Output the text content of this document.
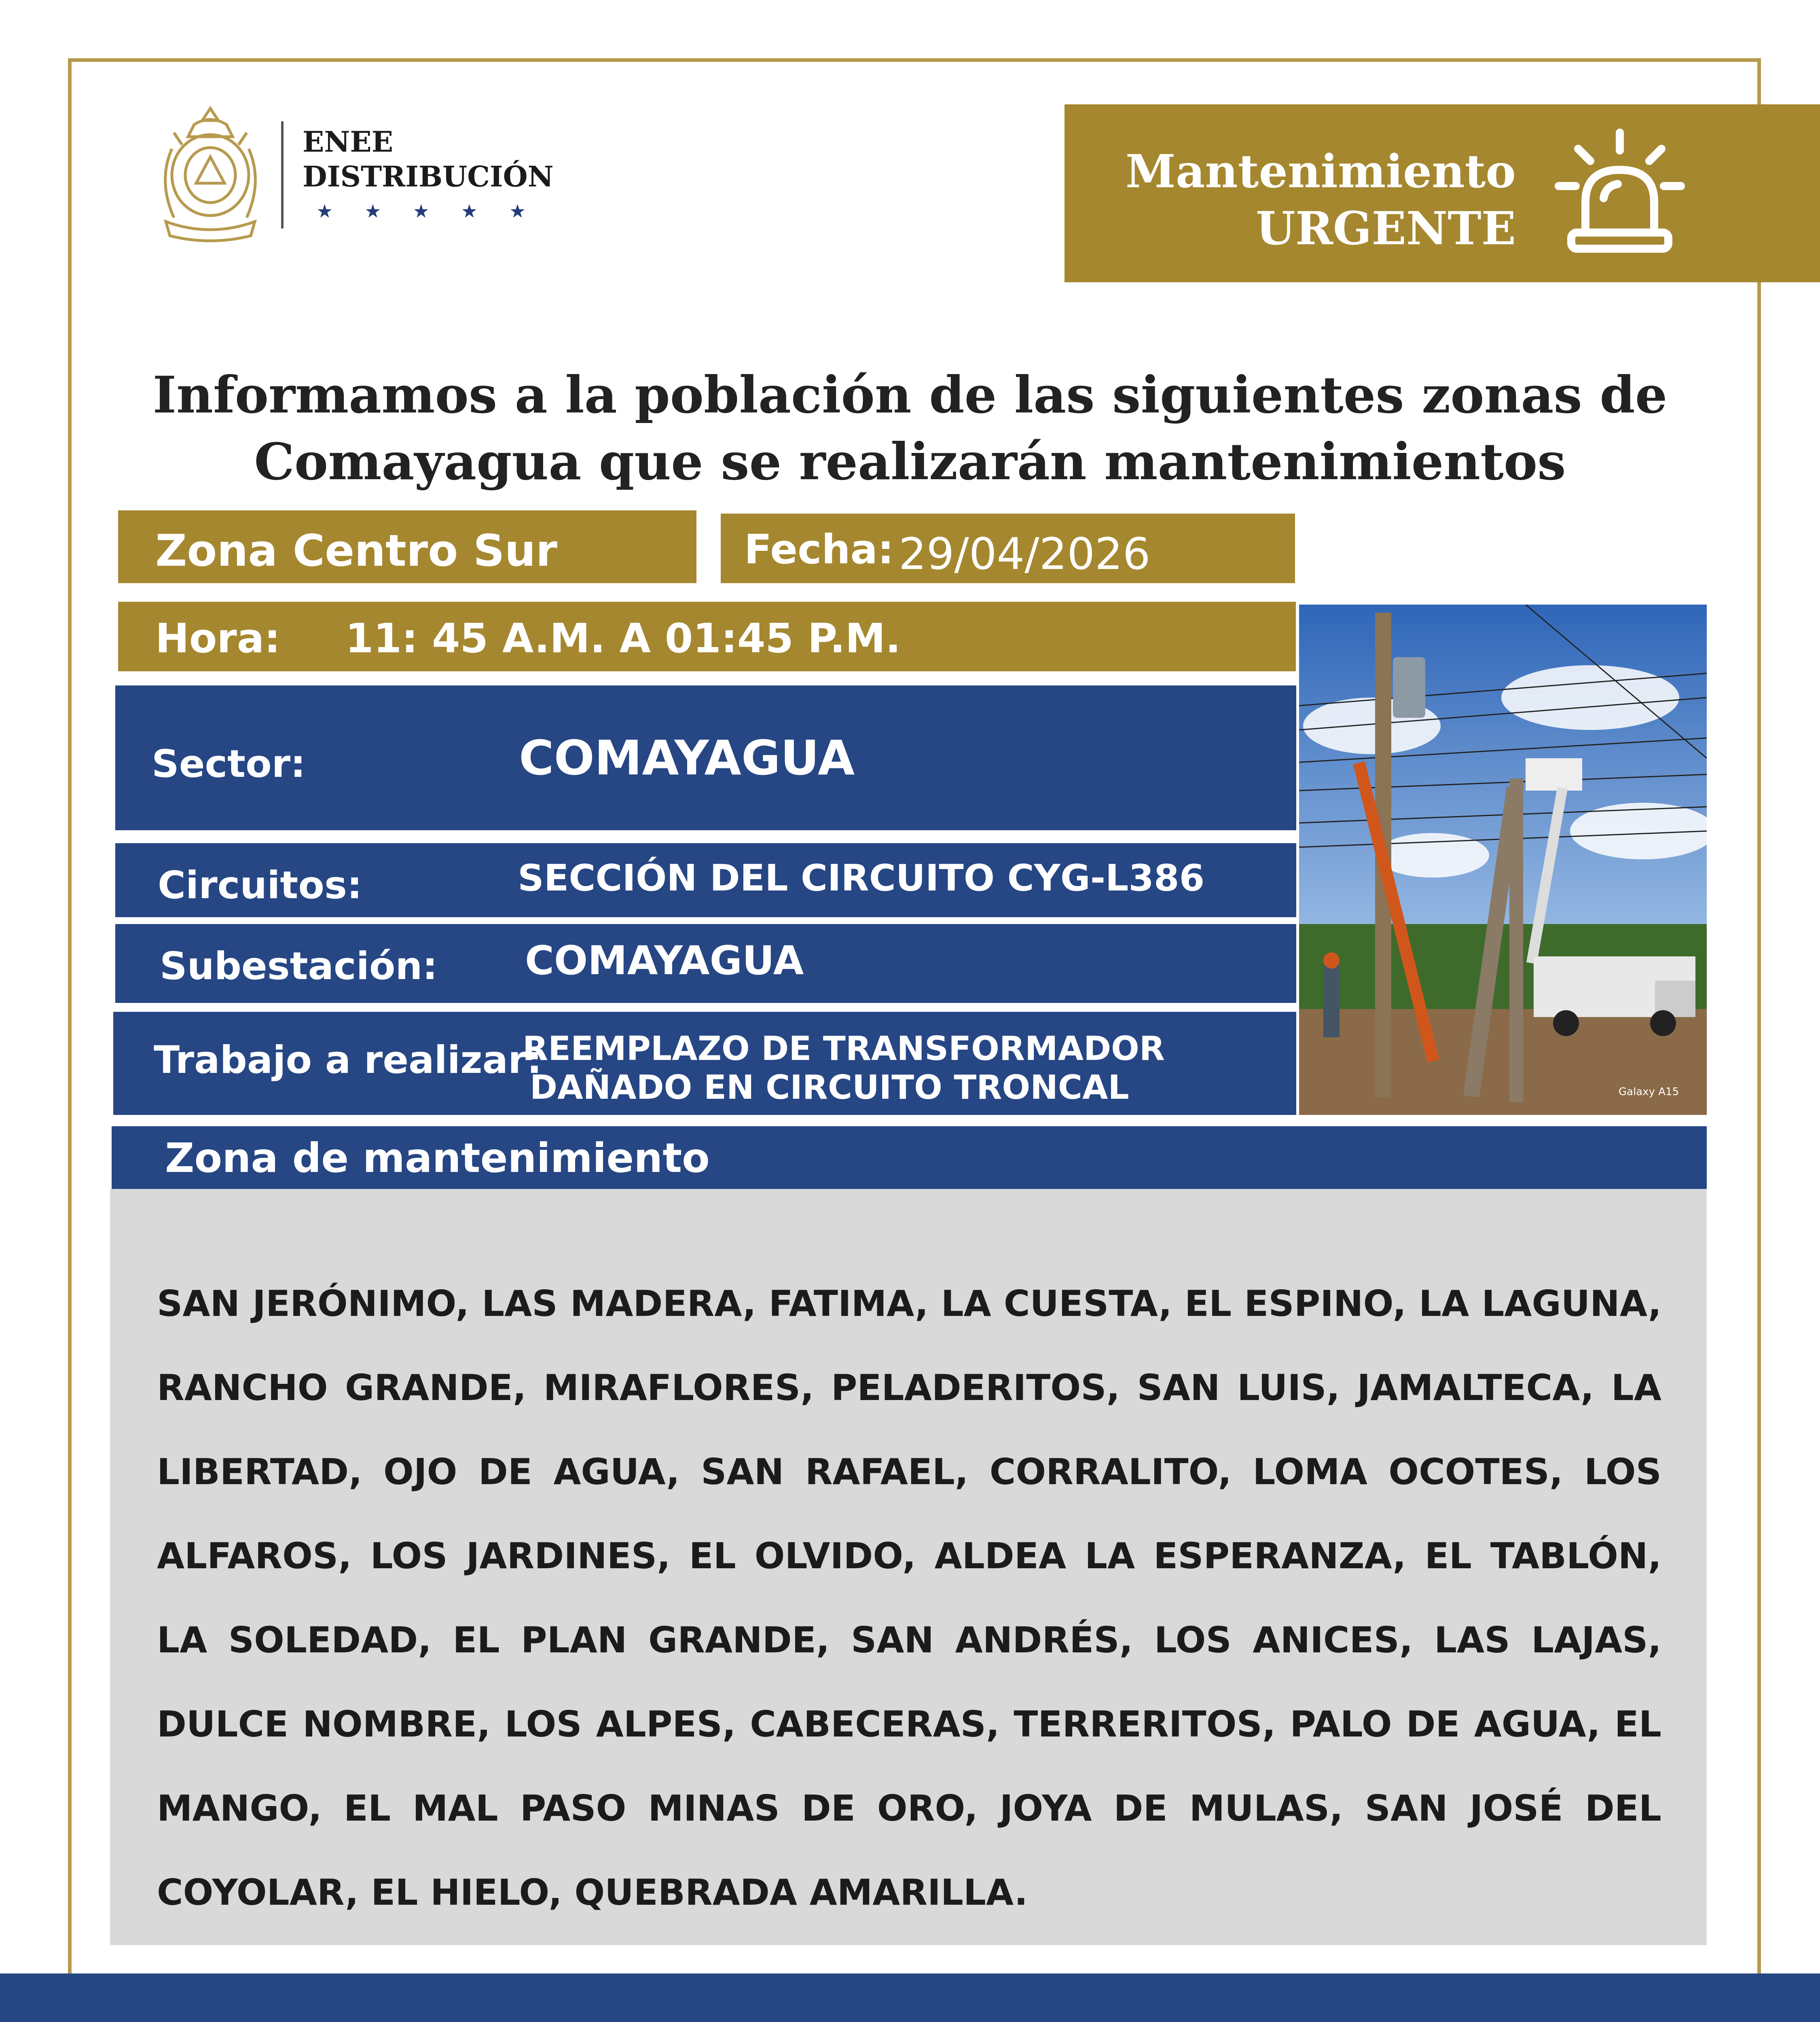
ENEE
DISTRIBUCIÓN
★★★★★
Mantenimiento
URGENTE
Informamos a la población de las siguientes zonas de
Comayagua que se realizarán mantenimientos
Zona Centro Sur	Fecha: 29/04/2026
Hora: 11: 45 A.M. A 01:45 P.M.
Sector:	COMAYAGUA
Circuitos:	SECCIÓN DEL CIRCUITO CYG-L386
Subestación: COMAYAGUA
Trabajo a realizar:
REEMPLAZO DE TRANSFORMADOR
DAÑADO EN CIRCUITO TRONCAL	Galaxy A15
Zona de mantenimiento
SAN JERÓNIMO, LAS MADERA, FATIMA, LA CUESTA, EL ESPINO, LA LAGUNA, RANCHO GRANDE, MIRAFLORES, PELADERITOS, SAN LUIS, JAMALTECA, LA LIBERTAD, OJO DE AGUA, SAN RAFAEL, CORRALITO, LOMA OCOTES, LOS ALFAROS, LOS JARDINES, EL OLVIDO, ALDEA LA ESPERANZA, EL TABLÓN, LA SOLEDAD, EL PLAN GRANDE, SAN ANDRÉS, LOS ANICES, LAS LAJAS, DULCE NOMBRE, LOS ALPES, CABECERAS, TERRERITOS, PALO DE AGUA, EL MANGO, EL MAL PASO MINAS DE ORO, JOYA DE MULAS, SAN JOSÉ DEL COYOLAR, EL HIELO, QUEBRADA AMARILLA.
